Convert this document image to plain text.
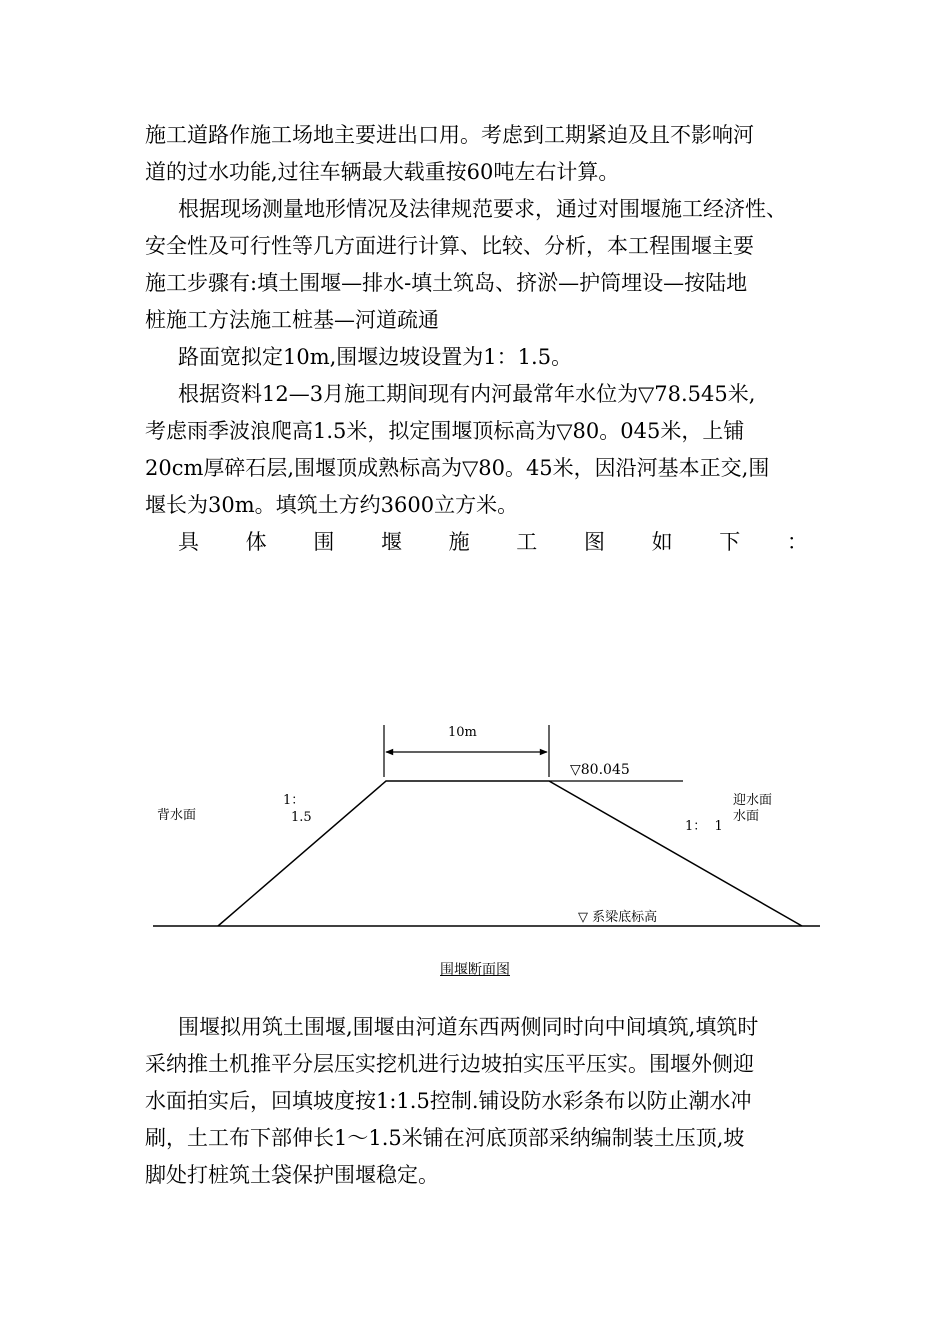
施工道路作施工场地主要进出口用。考虑到工期紧迫及且不影响河
道的过水功能,过往车辆最大载重按60吨左右计算。
根据现场测量地形情况及法律规范要求，通过对围堰施工经济性、
安全性及可行性等几方面进行计算、比较、分析，本工程围堰主要
施工步骤有:填土围堰—排水-填土筑岛、挤淤—护筒埋设—按陆地
桩施工方法施工桩基—河道疏通
路面宽拟定10m,围堰边坡设置为1：1.5。
根据资料12—3月施工期间现有内河最常年水位为▽78.545米,
考虑雨季波浪爬高1.5米，拟定围堰顶标高为▽80。045米，上铺
20cm厚碎石层,围堰顶成熟标高为▽80。45米，因沿河基本正交,围
堰长为30m。填筑土方约3600立方米。
具 体 围 堰 施 工 图 如 下 ：
10m
▽80.045
背水面
1：
1.5
迎水面
水面
1：  1
▽ 系梁底标高
围堰断面图
围堰拟用筑土围堰,围堰由河道东西两侧同时向中间填筑,填筑时
采纳推土机推平分层压实挖机进行边坡拍实压平压实。围堰外侧迎
水面拍实后，回填坡度按1:1.5控制.铺设防水彩条布以防止潮水冲
刷，土工布下部伸长1～1.5米铺在河底顶部采纳编制装土压顶,坡
脚处打桩筑土袋保护围堰稳定。
